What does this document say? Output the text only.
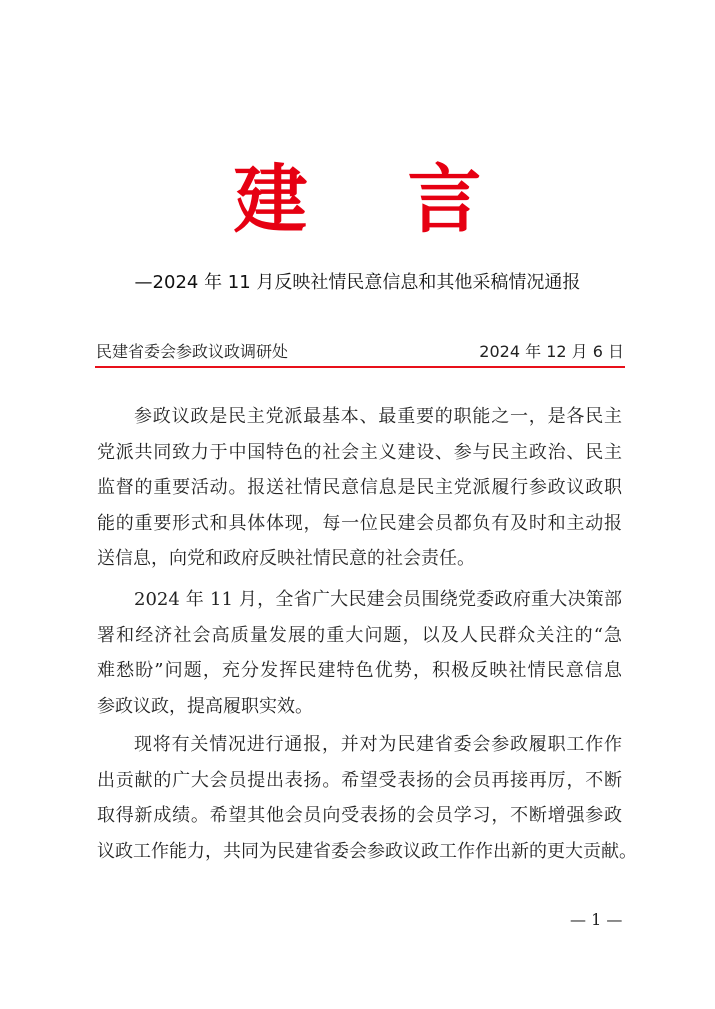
建 言
—2024 年 11 月反映社情民意信息和其他采稿情况通报
民建省委会参政议政调研处	2024 年 12 月 6 日
参政议政是民主党派最基本、最重要的职能之一，是各民主
党派共同致力于中国特色的社会主义建设、参与民主政治、民主
监督的重要活动。报送社情民意信息是民主党派履行参政议政职
能的重要形式和具体体现，每一位民建会员都负有及时和主动报
送信息，向党和政府反映社情民意的社会责任。
2024 年 11 月，全省广大民建会员围绕党委政府重大决策部
署和经济社会高质量发展的重大问题，以及人民群众关注的“急
难愁盼”问题，充分发挥民建特色优势，积极反映社情民意信息
参政议政，提高履职实效。
现将有关情况进行通报，并对为民建省委会参政履职工作作
出贡献的广大会员提出表扬。希望受表扬的会员再接再厉，不断
取得新成绩。希望其他会员向受表扬的会员学习，不断增强参政
议政工作能力，共同为民建省委会参政议政工作作出新的更大贡献。
— 1 —
